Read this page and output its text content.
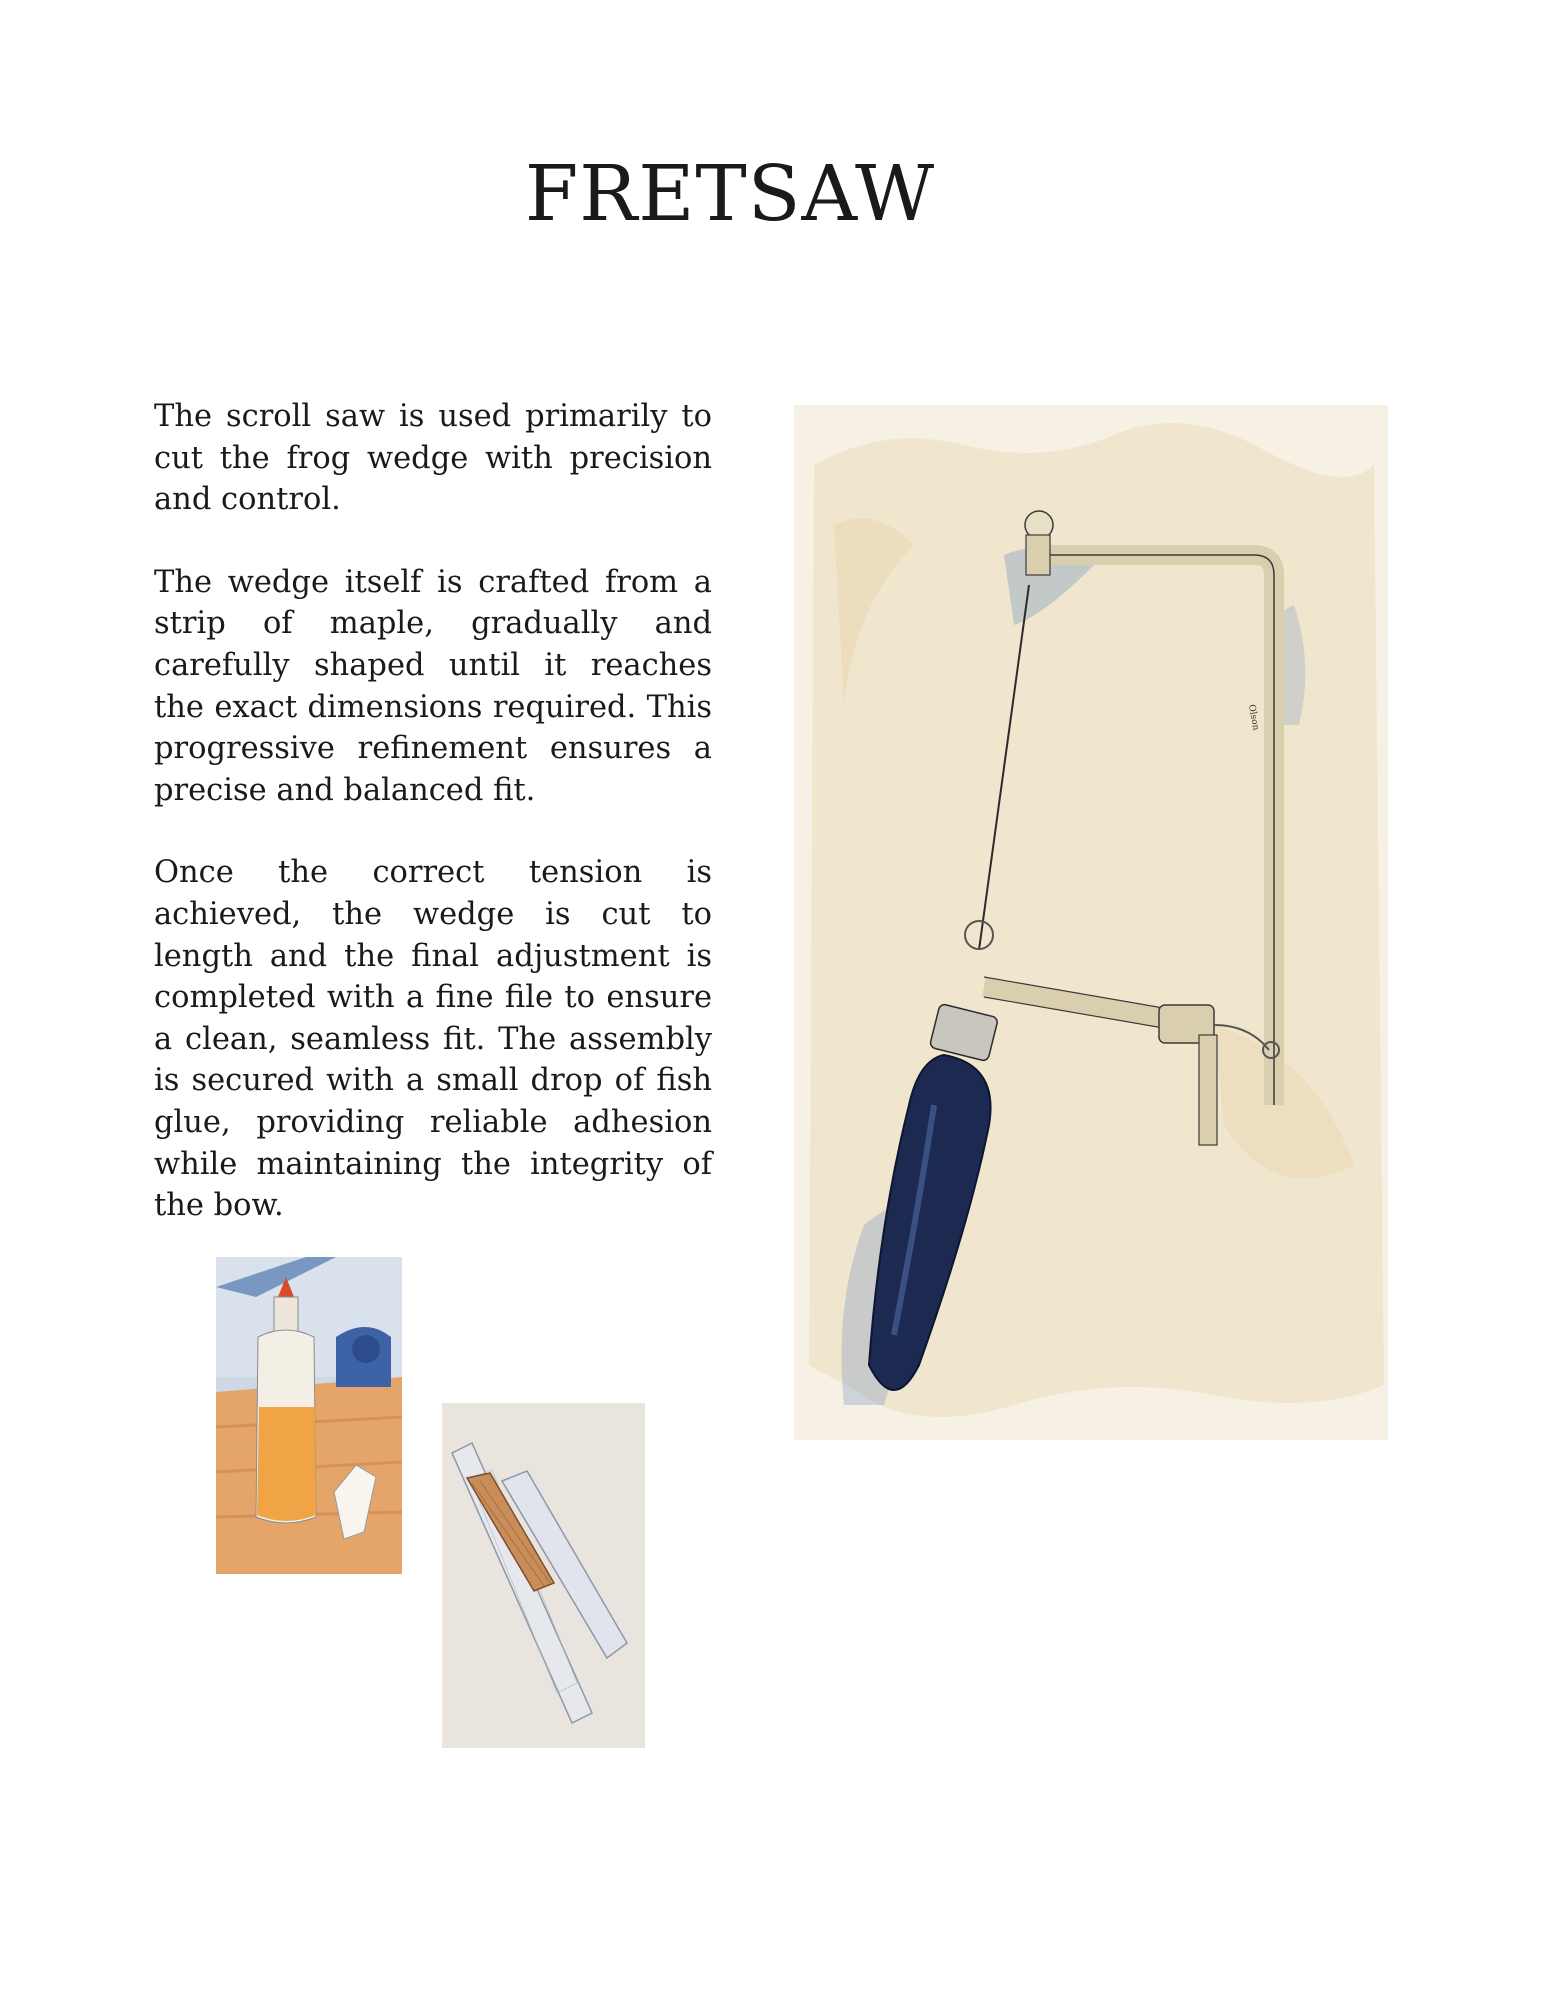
FRETSAW

The scroll saw is used primarily to cut the frog wedge with precision and control.

The wedge itself is crafted from a strip of maple, gradually and carefully shaped until it reaches the exact dimensions required. This progressive refinement ensures a precise and balanced fit.

Once the correct tension is achieved, the wedge is cut to length and the final adjustment is completed with a fine file to ensure a clean, seamless fit. The assembly is secured with a small drop of fish glue, providing reliable adhesion while maintaining the integrity of the bow.

Olson
